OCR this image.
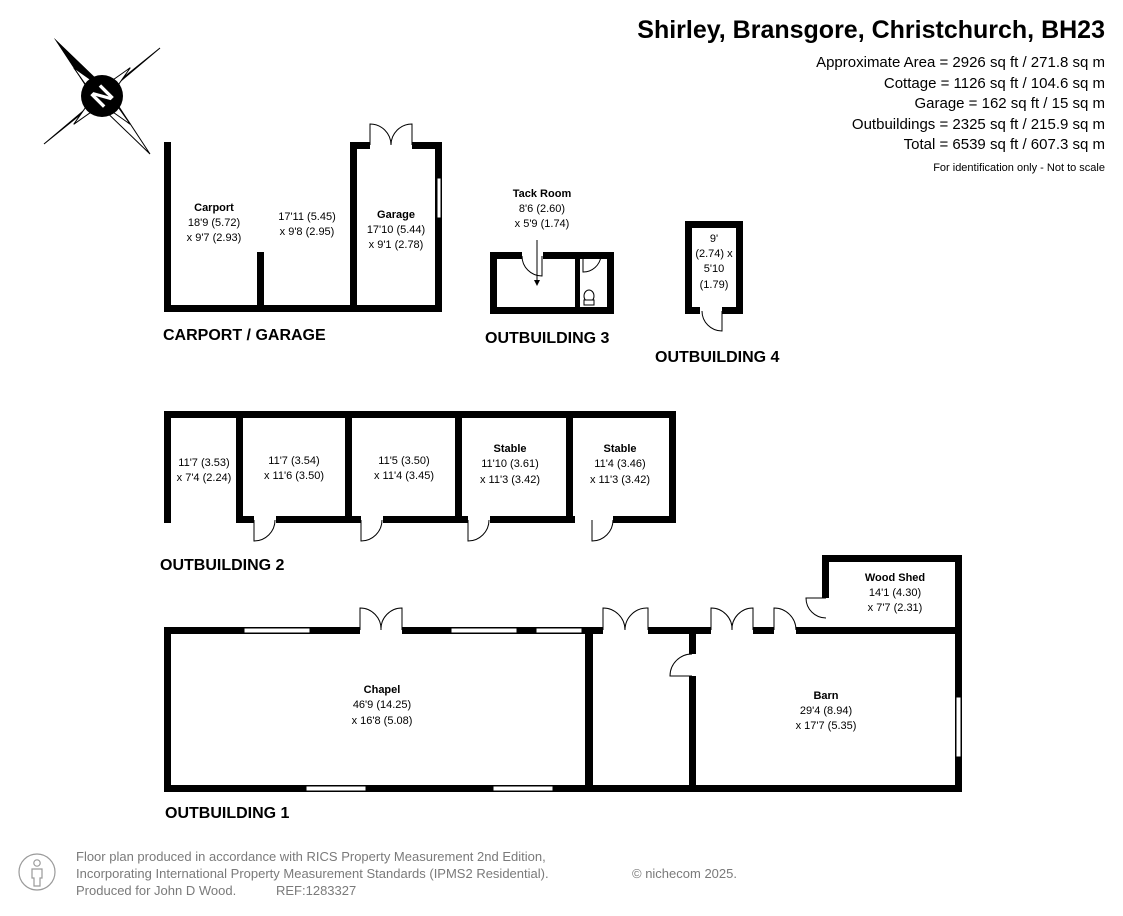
N
Shirley, Bransgore, Christchurch, BH23
Approximate Area = 2926 sq ft / 271.8 sq m
Cottage = 1126 sq ft / 104.6 sq m
Garage = 162 sq ft / 15 sq m
Outbuildings = 2325 sq ft / 215.9 sq m
Total = 6539 sq ft / 607.3 sq m
For identification only - Not to scale
Carport
18'9 (5.72)
x 9'7 (2.93)
17'11 (5.45)
x 9'8 (2.95)
Garage
17'10 (5.44)
x 9'1 (2.78)
CARPORT / GARAGE
Tack Room
8'6 (2.60)
x 5'9 (1.74)
OUTBUILDING 3
9'
(2.74) x
5'10
(1.79)
OUTBUILDING 4
11'7 (3.53)
x 7'4 (2.24)
11'7 (3.54)
x 11'6 (3.50)
11'5 (3.50)
x 11'4 (3.45)
Stable
11'10 (3.61)
x 11'3 (3.42)
Stable
11'4 (3.46)
x 11'3 (3.42)
OUTBUILDING 2
Wood Shed
14'1 (4.30)
x 7'7 (2.31)
Chapel
46'9 (14.25)
x 16'8 (5.08)
Barn
29'4 (8.94)
x 17'7 (5.35)
OUTBUILDING 1
Floor plan produced in accordance with RICS Property Measurement 2nd Edition,
Incorporating International Property Measurement Standards (IPMS2 Residential).
Produced for John D Wood.	REF:1283327
© nichecom 2025.
